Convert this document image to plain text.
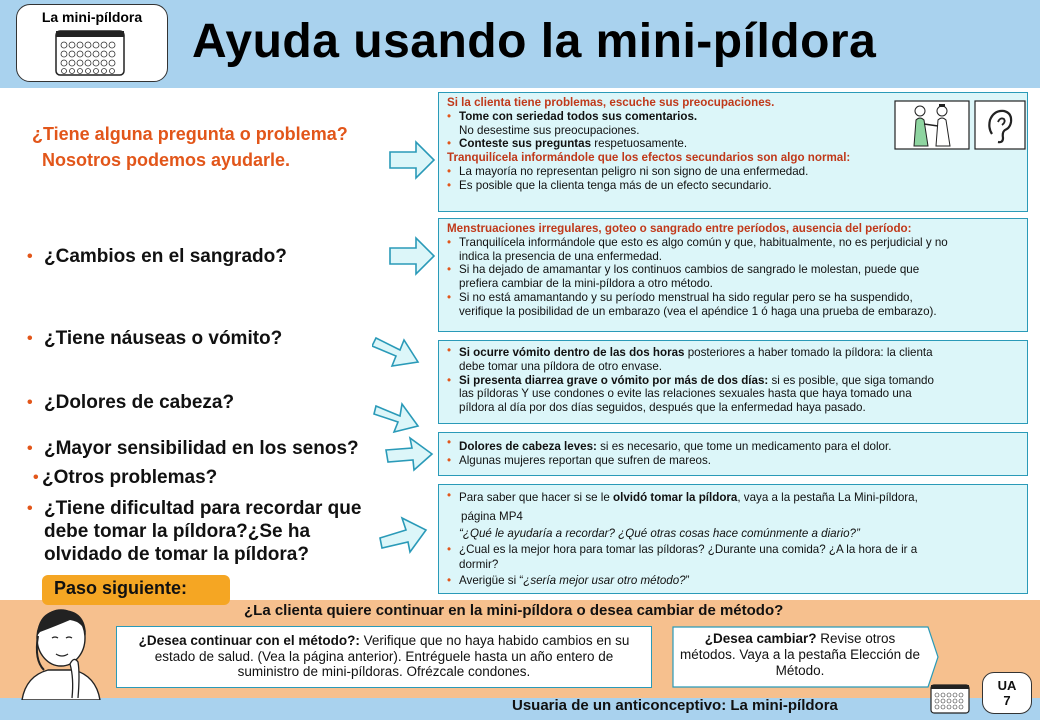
La mini-píldora	Ayuda usando la mini-píldora
¿Tiene alguna pregunta o problema?
Nosotros podemos ayudarle.
• ¿Cambios en el sangrado?
• ¿Tiene náuseas o vómito?
• ¿Dolores de cabeza?
• ¿Mayor sensibilidad en los senos?
• ¿Otros problemas?
• ¿Tiene dificultad para recordar que
debe tomar la píldora?¿Se ha
olvidado de tomar la píldora?
Si la clienta tiene problemas, escuche sus preocupaciones.
• Tome con seriedad todos sus comentarios.
No desestime sus preocupaciones.
• Conteste sus preguntas respetuosamente.
Tranquilícela informándole que los efectos secundarios son algo normal:
• La mayoría no representan peligro ni son signo de una enfermedad.
• Es posible que la clienta tenga más de un efecto secundario.
Menstruaciones irregulares, goteo o sangrado entre períodos, ausencia del período:
• Tranquilícela informándole que esto es algo común y que, habitualmente, no es perjudicial y no
indica la presencia de una enfermedad.
• Si ha dejado de amamantar y los continuos cambios de sangrado le molestan, puede que
prefiera cambiar de la mini-píldora a otro método.
• Si no está amamantando y su período menstrual ha sido regular pero se ha suspendido,
verifique la posibilidad de un embarazo (vea el apéndice 1 ó haga una prueba de embarazo).
• Si ocurre vómito dentro de las dos horas posteriores a haber tomado la píldora: la clienta
debe tomar una píldora de otro envase.
• Si presenta diarrea grave o vómito por más de dos días: si es posible, que siga tomando
las píldoras Y use condones o evite las relaciones sexuales hasta que haya tomado una
píldora al día por dos días seguidos, después que la enfermedad haya pasado.
• Dolores de cabeza leves: si es necesario, que tome un medicamento para el dolor.
• Algunas mujeres reportan que sufren de mareos.
• Para saber que hacer si se le olvidó tomar la píldora, vaya a la pestaña La Mini-píldora,
página MP4
“¿Qué le ayudaría a recordar? ¿Qué otras cosas hace comúnmente a diario?”
• ¿Cual es la mejor hora para tomar las píldoras? ¿Durante una comida? ¿A la hora de ir a
dormir?
• Averigüe si “¿sería mejor usar otro método?”
Paso siguiente:
¿La clienta quiere continuar en la mini-píldora o desea cambiar de método?
¿Desea continuar con el método?: Verifique que no haya habido cambios en su estado de salud. (Vea la página anterior). Entréguele hasta un año entero de suministro de mini-píldoras. Ofrézcale condones.
¿Desea cambiar? Revise otros métodos. Vaya a la pestaña Elección de Método.
UA
7
Usuaria de un anticonceptivo: La mini-píldora
